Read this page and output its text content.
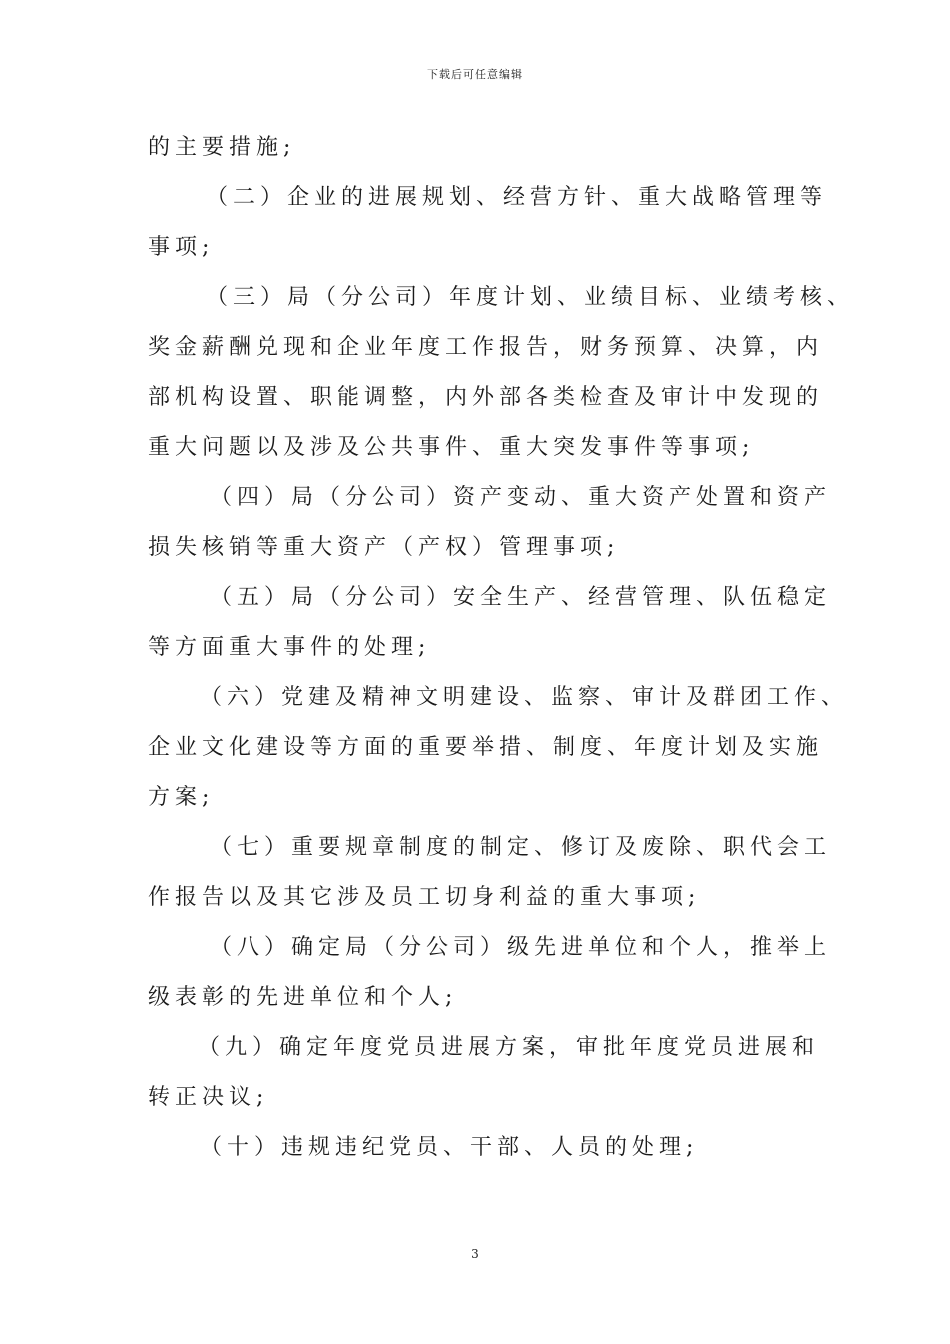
下载后可任意编辑
的主要措施;
（二）企业的进展规划、经营方针、重大战略管理等
事项;
（三）局（分公司）年度计划、业绩目标、业绩考核、
奖金薪酬兑现和企业年度工作报告，财务预算、决算，内
部机构设置、职能调整，内外部各类检查及审计中发现的
重大问题以及涉及公共事件、重大突发事件等事项;
（四）局（分公司）资产变动、重大资产处置和资产
损失核销等重大资产（产权）管理事项;
（五）局（分公司）安全生产、经营管理、队伍稳定
等方面重大事件的处理;
（六）党建及精神文明建设、监察、审计及群团工作、
企业文化建设等方面的重要举措、制度、年度计划及实施
方案;
（七）重要规章制度的制定、修订及废除、职代会工
作报告以及其它涉及员工切身利益的重大事项;
（八）确定局（分公司）级先进单位和个人，推举上
级表彰的先进单位和个人;
（九）确定年度党员进展方案，审批年度党员进展和
转正决议;
（十）违规违纪党员、干部、人员的处理;
3
